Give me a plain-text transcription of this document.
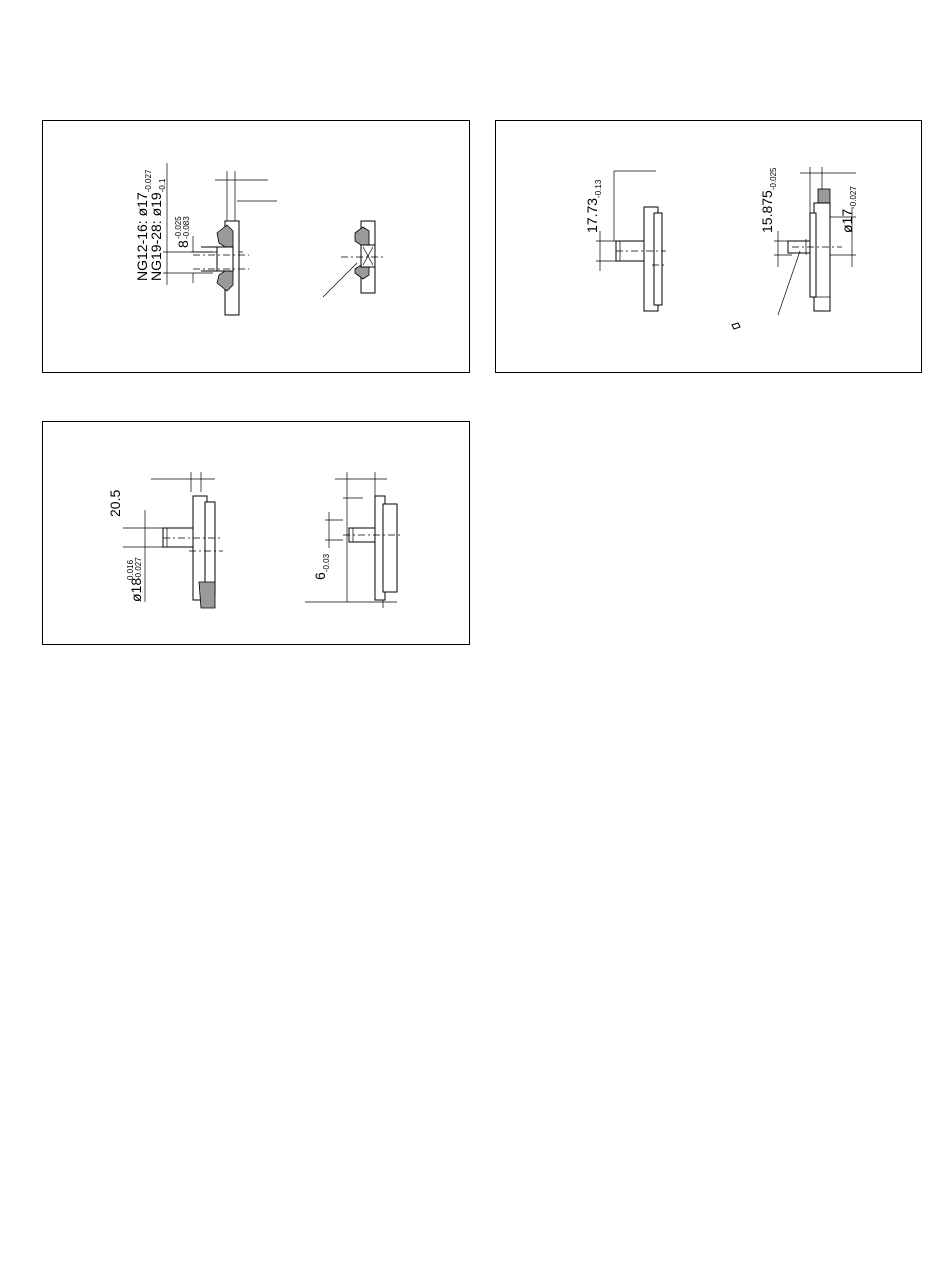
NG12-16: $ø17_{-0.027}$
NG19-28: $ø19_{-0.1}$
8
-0.025 -0.083	$17.73_{-0.13}$
$15.875_{-0.025}$
$ø17_{-0.027}$
20.5
ø18
0.016 -0.027	$6_{-0.03}$
